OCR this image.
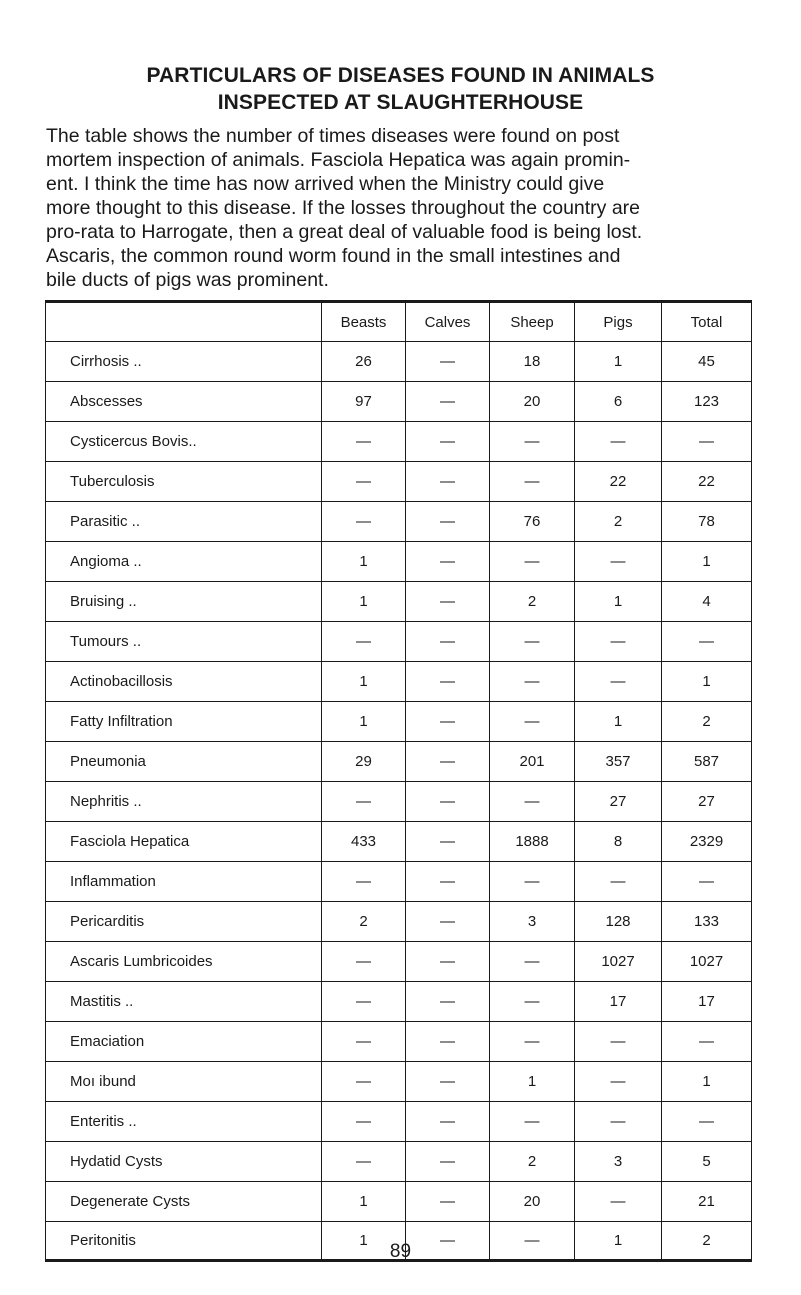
PARTICULARS OF DISEASES FOUND IN ANIMALS
INSPECTED AT SLAUGHTERHOUSE

The table shows the number of times diseases were found on post
mortem inspection of animals. Fasciola Hepatica was again promin-
ent. I think the time has now arrived when the Ministry could give
more thought to this disease. If the losses throughout the country are
pro-rata to Harrogate, then a great deal of valuable food is being lost.
Ascaris, the common round worm found in the small intestines and
bile ducts of pigs was prominent.

	Beasts	Calves	Sheep	Pigs	Total
Cirrhosis ..	26	—	18	1	45
Abscesses	97	—	20	6	123
Cysticercus Bovis..	—	—	—	—	—
Tuberculosis	—	—	—	22	22
Parasitic ..	—	—	76	2	78
Angioma ..	1	—	—	—	1
Bruising ..	1	—	2	1	4
Tumours ..	—	—	—	—	—
Actinobacillosis	1	—	—	—	1
Fatty Infiltration	1	—	—	1	2
Pneumonia	29	—	201	357	587
Nephritis ..	—	—	—	27	27
Fasciola Hepatica	433	—	1888	8	2329
Inflammation	—	—	—	—	—
Pericarditis	2	—	3	128	133
Ascaris Lumbricoides	—	—	—	1027	1027
Mastitis ..	—	—	—	17	17
Emaciation	—	—	—	—	—
Moı ibund	—	—	1	—	1
Enteritis ..	—	—	—	—	—
Hydatid Cysts	—	—	2	3	5
Degenerate Cysts	1	—	20	—	21
Peritonitis	1	—	—	1	2
89
